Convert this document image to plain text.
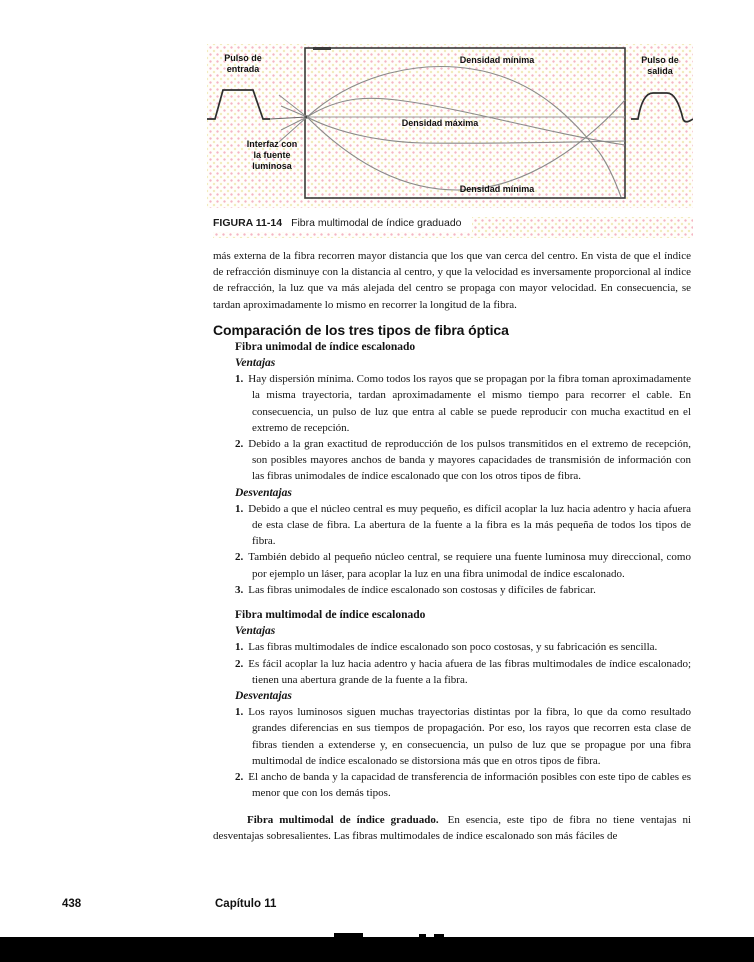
Pulso de entrada
Pulso de salida
Interfaz con la fuente luminosa
Densidad mínima
Densidad máxima
Densidad mínima
FIGURA 11-14 Fibra multimodal de índice graduado

más externa de la fibra recorren mayor distancia que los que van cerca del centro. En vista de que el índice de refracción disminuye con la distancia al centro, y que la velocidad es inversamente proporcional al índice de refracción, la luz que va más alejada del centro se propaga con mayor velocidad. En consecuencia, se tardan aproximadamente lo mismo en recorrer la longitud de la fibra.

Comparación de los tres tipos de fibra óptica
Fibra unimodal de índice escalonado
Ventajas
1. Hay dispersión mínima. Como todos los rayos que se propagan por la fibra toman aproximadamente la misma trayectoria, tardan aproximadamente el mismo tiempo para recorrer el cable. En consecuencia, un pulso de luz que entra al cable se puede reproducir con mucha exactitud en el extremo de recepción.
2. Debido a la gran exactitud de reproducción de los pulsos transmitidos en el extremo de recepción, son posibles mayores anchos de banda y mayores capacidades de transmisión de información con las fibras unimodales de índice escalonado que con los otros tipos de fibra.
Desventajas
1. Debido a que el núcleo central es muy pequeño, es difícil acoplar la luz hacia adentro y hacia afuera de esta clase de fibra. La abertura de la fuente a la fibra es la más pequeña de todos los tipos de fibra.
2. También debido al pequeño núcleo central, se requiere una fuente luminosa muy direccional, como por ejemplo un láser, para acoplar la luz en una fibra unimodal de índice escalonado.
3. Las fibras unimodales de índice escalonado son costosas y difíciles de fabricar.
Fibra multimodal de índice escalonado
Ventajas
1. Las fibras multimodales de índice escalonado son poco costosas, y su fabricación es sencilla.
2. Es fácil acoplar la luz hacia adentro y hacia afuera de las fibras multimodales de índice escalonado; tienen una abertura grande de la fuente a la fibra.
Desventajas
1. Los rayos luminosos siguen muchas trayectorias distintas por la fibra, lo que da como resultado grandes diferencias en sus tiempos de propagación. Por eso, los rayos que recorren esta clase de fibras tienden a extenderse y, en consecuencia, un pulso de luz que se propague por una fibra multimodal de índice escalonado se distorsiona más que en otros tipos de fibra.
2. El ancho de banda y la capacidad de transferencia de información posibles con este tipo de cables es menor que con los demás tipos.

Fibra multimodal de índice graduado. En esencia, este tipo de fibra no tiene ventajas ni desventajas sobresalientes. Las fibras multimodales de índice escalonado son más fáciles de

438	Capítulo 11
